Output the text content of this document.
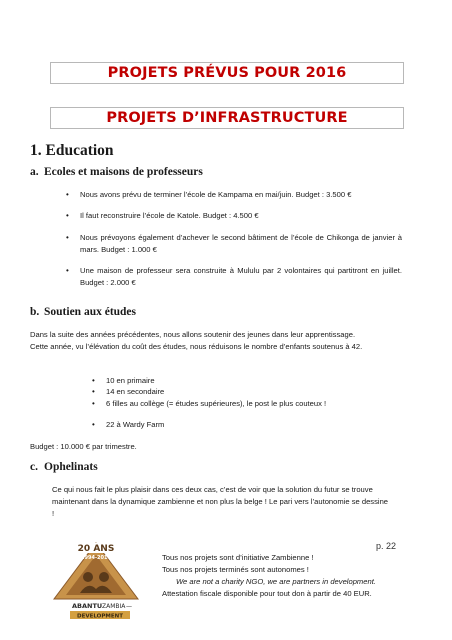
PROJETS PRÉVUS POUR 2016
PROJETS D’INFRASTRUCTURE
1. Education
a. Ecoles et maisons de professeurs
• Nous avons prévu de terminer l’école de Kampama en mai/juin. Budget : 3.500 €
• Il faut reconstruire l’école de Katole. Budget : 4.500 €
• Nous prévoyons également d’achever le second bâtiment de l’école de Chikonga de janvier à mars. Budget : 1.000 €
• Une maison de professeur sera construite à Mululu par 2 volontaires qui partitront en juillet. Budget : 2.000 €
b. Soutien aux études

Dans la suite des années précédentes, nous allons soutenir des jeunes dans leur apprentissage. Cette année, vu l’élévation du coût des études, nous réduisons le nombre d’enfants soutenus à 42.

• 10 en primaire
• 14 en secondaire
• 6 filles au collège (= études supérieures), le post le plus couteux !
• 22 à Wardy Farm

Budget : 10.000 € par trimestre.

c. Ophelinats

Ce qui nous fait le plus plaisir dans ces deux cas, c’est de voir que la solution du futur se trouve maintenant dans la dynamique zambienne et non plus la belge ! Le pari vers l’autonomie se dessine !

p. 22
20 ANS
1994-2014
ABANTU ZAMBIA —
DEVELOPMENT
Tous nos projets sont d’initiative Zambienne !
Tous nos projets terminés sont autonomes !
We are not a charity NGO, we are partners in development.
Attestation fiscale disponible pour tout don à partir de 40 EUR.
